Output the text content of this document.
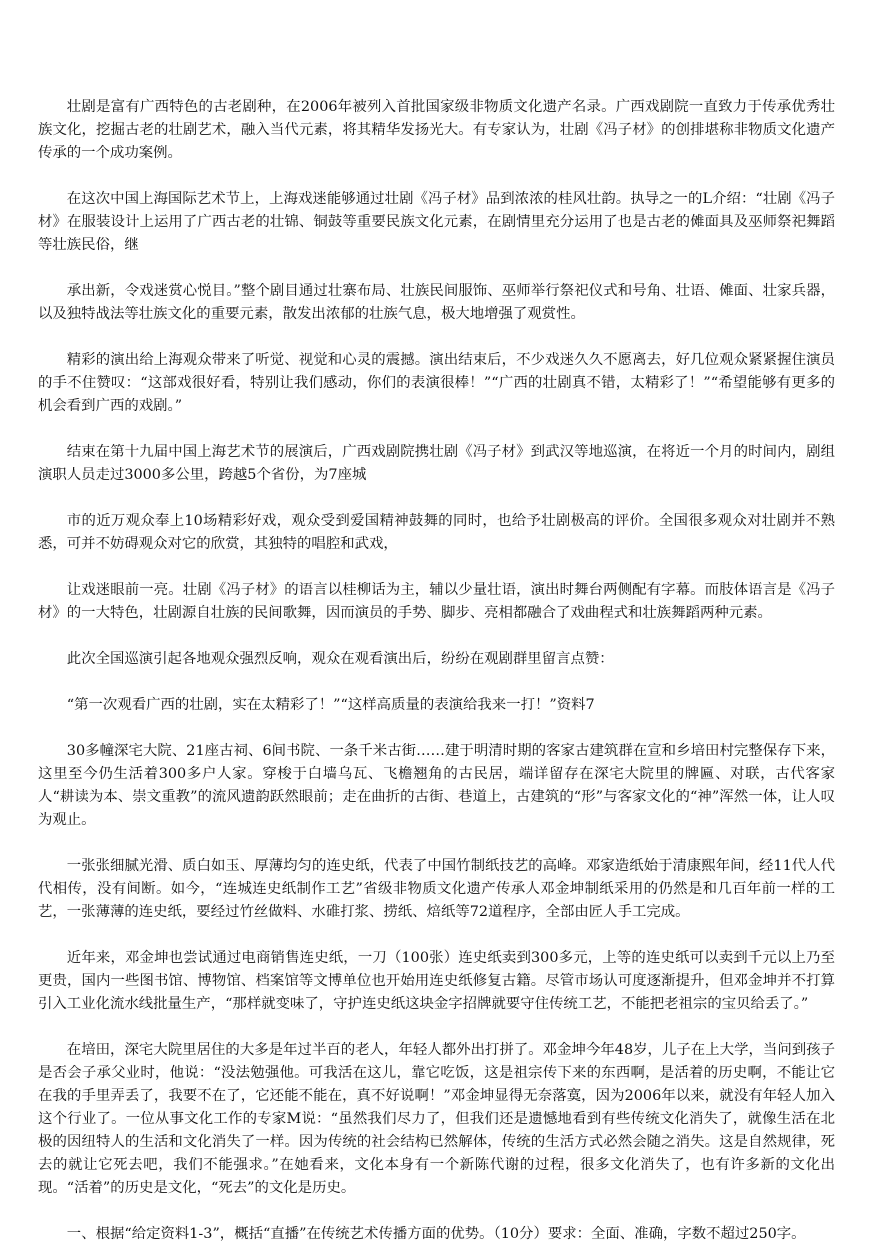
壮剧是富有广西特色的古老剧种，在2006年被列入首批国家级非物质文化遗产名录。广西戏剧院一直致力于传承优秀壮族文化，挖掘古老的壮剧艺术，融入当代元素，将其精华发扬光大。有专家认为，壮剧《冯子材》的创排堪称非物质文化遗产传承的一个成功案例。

在这次中国上海国际艺术节上，上海戏迷能够通过壮剧《冯子材》品到浓浓的桂风壮韵。执导之一的L介绍：“壮剧《冯子材》在服装设计上运用了广西古老的壮锦、铜鼓等重要民族文化元素，在剧情里充分运用了也是古老的傩面具及巫师祭祀舞蹈等壮族民俗，继

承出新，令戏迷赏心悦目。”整个剧目通过壮寨布局、壮族民间服饰、巫师举行祭祀仪式和号角、壮语、傩面、壮家兵器，以及独特战法等壮族文化的重要元素，散发出浓郁的壮族气息，极大地增强了观赏性。

精彩的演出给上海观众带来了听觉、视觉和心灵的震撼。演出结束后，不少戏迷久久不愿离去，好几位观众紧紧握住演员的手不住赞叹：“这部戏很好看，特别让我们感动，你们的表演很棒！”“广西的壮剧真不错，太精彩了！”“希望能够有更多的机会看到广西的戏剧。”

结束在第十九届中国上海艺术节的展演后，广西戏剧院携壮剧《冯子材》到武汉等地巡演，在将近一个月的时间内，剧组演职人员走过3000多公里，跨越5个省份，为7座城

市的近万观众奉上10场精彩好戏，观众受到爱国精神鼓舞的同时，也给予壮剧极高的评价。全国很多观众对壮剧并不熟悉，可并不妨碍观众对它的欣赏，其独特的唱腔和武戏，

让戏迷眼前一亮。壮剧《冯子材》的语言以桂柳话为主，辅以少量壮语，演出时舞台两侧配有字幕。而肢体语言是《冯子材》的一大特色，壮剧源自壮族的民间歌舞，因而演员的手势、脚步、亮相都融合了戏曲程式和壮族舞蹈两种元素。

此次全国巡演引起各地观众强烈反响，观众在观看演出后，纷纷在观剧群里留言点赞：

“第一次观看广西的壮剧，实在太精彩了！”“这样高质量的表演给我来一打！”资料7

30多幢深宅大院、21座古祠、6间书院、一条千米古街……建于明清时期的客家古建筑群在宣和乡培田村完整保存下来，这里至今仍生活着300多户人家。穿梭于白墙乌瓦、飞檐翘角的古民居，端详留存在深宅大院里的牌匾、对联，古代客家人“耕读为本、崇文重教”的流风遗韵跃然眼前；走在曲折的古街、巷道上，古建筑的“形”与客家文化的“神”浑然一体，让人叹为观止。

一张张细腻光滑、质白如玉、厚薄均匀的连史纸，代表了中国竹制纸技艺的高峰。邓家造纸始于清康熙年间，经11代人代代相传，没有间断。如今，“连城连史纸制作工艺”省级非物质文化遗产传承人邓金坤制纸采用的仍然是和几百年前一样的工艺，一张薄薄的连史纸，要经过竹丝做料、水碓打浆、捞纸、焙纸等72道程序，全部由匠人手工完成。

近年来，邓金坤也尝试通过电商销售连史纸，一刀（100张）连史纸卖到300多元，上等的连史纸可以卖到千元以上乃至更贵，国内一些图书馆、博物馆、档案馆等文博单位也开始用连史纸修复古籍。尽管市场认可度逐渐提升，但邓金坤并不打算引入工业化流水线批量生产，“那样就变味了，守护连史纸这块金字招牌就要守住传统工艺，不能把老祖宗的宝贝给丢了。”

在培田，深宅大院里居住的大多是年过半百的老人，年轻人都外出打拼了。邓金坤今年48岁，儿子在上大学，当问到孩子是否会子承父业时，他说：“没法勉强他。可我活在这儿，靠它吃饭，这是祖宗传下来的东西啊，是活着的历史啊，不能让它在我的手里弄丢了，我要不在了，它还能不能在，真不好说啊！”邓金坤显得无奈落寞，因为2006年以来，就没有年轻人加入这个行业了。一位从事文化工作的专家M说：“虽然我们尽力了，但我们还是遗憾地看到有些传统文化消失了，就像生活在北极的因纽特人的生活和文化消失了一样。因为传统的社会结构已然解体，传统的生活方式必然会随之消失。这是自然规律，死去的就让它死去吧，我们不能强求。”在她看来，文化本身有一个新陈代谢的过程，很多文化消失了，也有许多新的文化出现。“活着”的历史是文化，“死去”的文化是历史。

一、根据“给定资料1-3”，概括“直播”在传统艺术传播方面的优势。（10分）要求：全面、准确，字数不超过250字。
